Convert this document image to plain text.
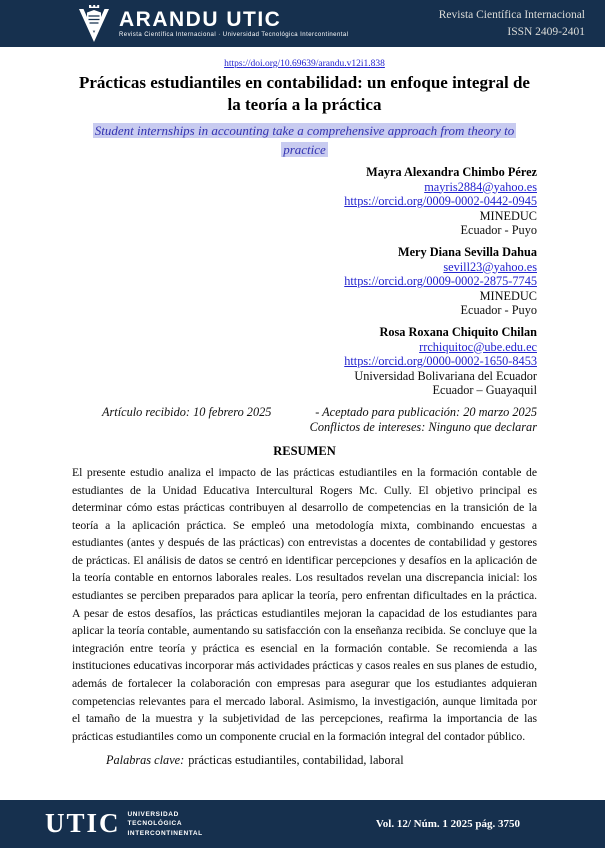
ARANDU UTIC
Revista Científica Internacional · Universidad Tecnológica Intercontinental
Revista Científica Internacional
ISSN 2409-2401
https://doi.org/10.69639/arandu.v12i1.838
Prácticas estudiantiles en contabilidad: un enfoque integral de
la teoría a la práctica
Student internships in accounting take a comprehensive approach from theory to
practice
Mayra Alexandra Chimbo Pérez
mayris2884@yahoo.es
https://orcid.org/0009-0002-0442-0945
MINEDUC
Ecuador - Puyo
Mery Diana Sevilla Dahua
sevill23@yahoo.es
https://orcid.org/0009-0002-2875-7745
MINEDUC
Ecuador - Puyo
Rosa Roxana Chiquito Chilan
rrchiquitoc@ube.edu.ec
https://orcid.org/0000-0002-1650-8453
Universidad Bolivariana del Ecuador
Ecuador – Guayaquil
Artículo recibido: 10 febrero 2025	- Aceptado para publicación: 20 marzo 2025
Conflictos de intereses: Ninguno que declarar
RESUMEN
El presente estudio analiza el impacto de las prácticas estudiantiles en la formación contable de estudiantes de la Unidad Educativa Intercultural Rogers Mc. Cully. El objetivo principal es determinar cómo estas prácticas contribuyen al desarrollo de competencias en la transición de la teoría a la aplicación práctica. Se empleó una metodología mixta, combinando encuestas a estudiantes (antes y después de las prácticas) con entrevistas a docentes de contabilidad y gestores de prácticas. El análisis de datos se centró en identificar percepciones y desafíos en la aplicación de la teoría contable en entornos laborales reales. Los resultados revelan una discrepancia inicial: los estudiantes se perciben preparados para aplicar la teoría, pero enfrentan dificultades en la práctica. A pesar de estos desafíos, las prácticas estudiantiles mejoran la capacidad de los estudiantes para aplicar la teoría contable, aumentando su satisfacción con la enseñanza recibida. Se concluye que la integración entre teoría y práctica es esencial en la formación contable. Se recomienda a las instituciones educativas incorporar más actividades prácticas y casos reales en sus planes de estudio, además de fortalecer la colaboración con empresas para asegurar que los estudiantes adquieran competencias relevantes para el mercado laboral. Asimismo, la investigación, aunque limitada por el tamaño de la muestra y la subjetividad de las percepciones, reafirma la importancia de las prácticas estudiantiles como un componente crucial en la formación integral del contador público.
Palabras clave: prácticas estudiantiles, contabilidad, laboral
UTIC UNIVERSIDAD
TECNOLÓGICA
INTERCONTINENTAL
Vol. 12/ Núm. 1 2025 pág. 3750
